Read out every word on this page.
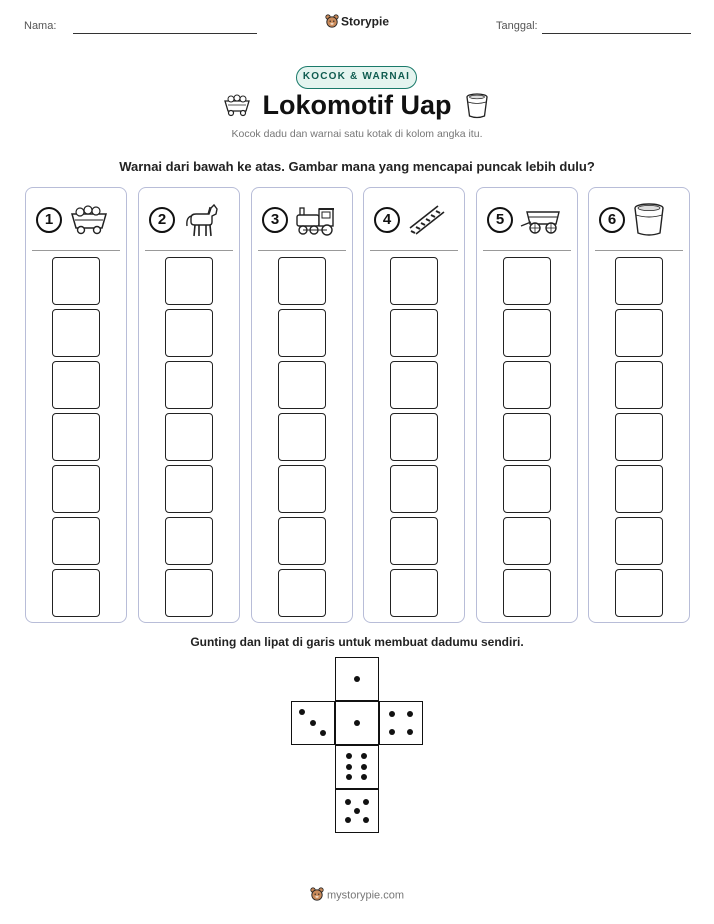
Nama:	Storypie	Tanggal:
KOCOK & WARNAI
Lokomotif Uap
Kocok dadu dan warnai satu kotak di kolom angka itu.
Warnai dari bawah ke atas. Gambar mana yang mencapai puncak lebih dulu?
1	2	3	4	5	6
Gunting dan lipat di garis untuk membuat dadumu sendiri.
mystorypie.com
